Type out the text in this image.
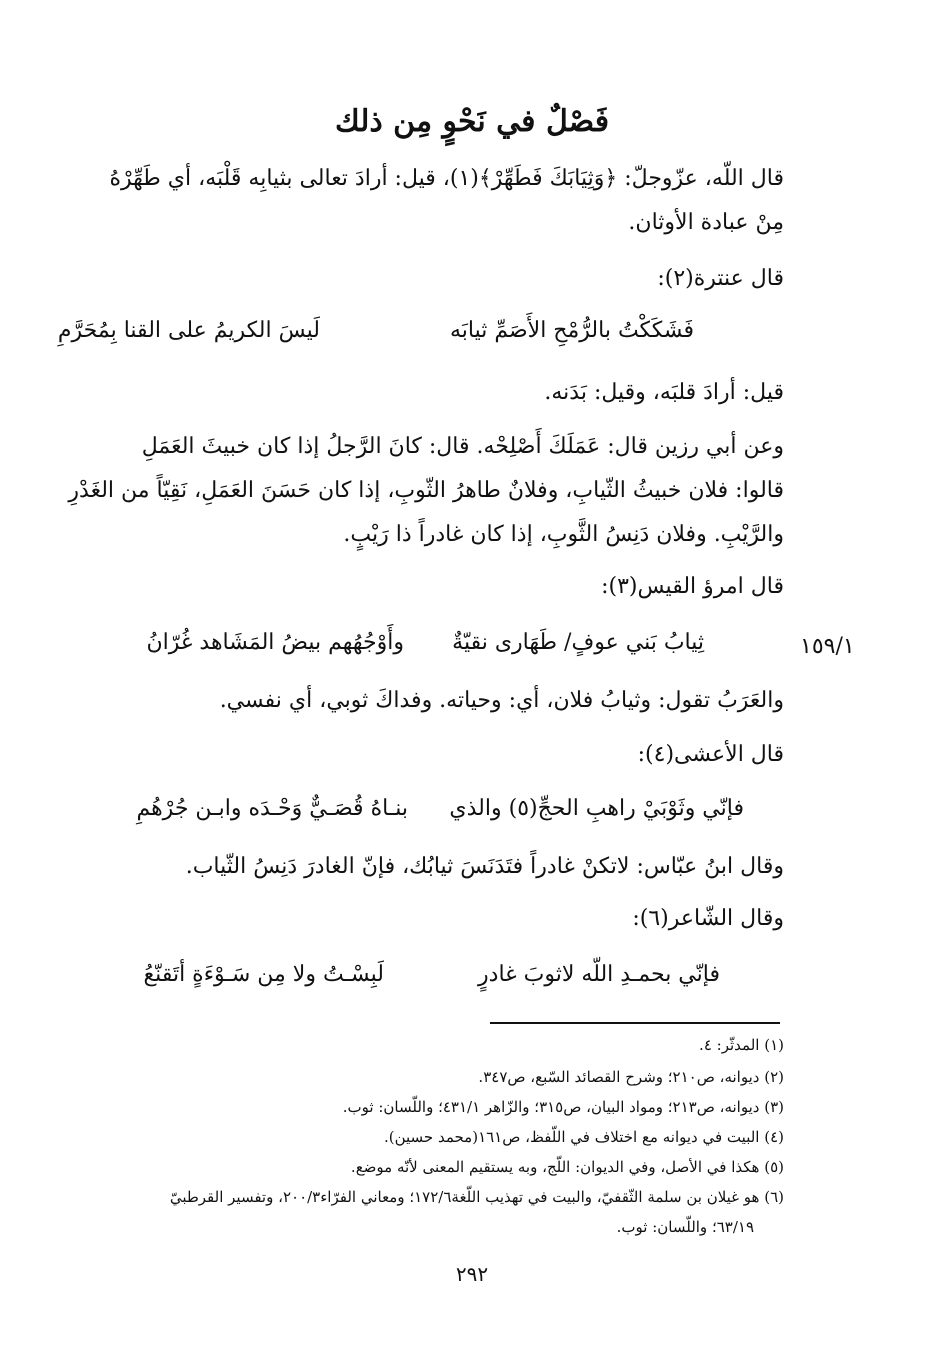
فَصْلٌ في نَحْوٍ مِن ذلك
قال اللّه، عزّوجلّ: ﴿وَثِيَابَكَ فَطَهِّرْ﴾(١)، قيل: أرادَ تعالى بثيابِه قَلْبَه، أي طَهِّرْهُ
مِنْ عبادة الأوثان.
قال عنترة(٢):
فَشَكَكْتُ بالرُّمْحِ الأَصَمِّ ثيابَه
لَيسَ الكريمُ على القنا بِمُحَرَّمِ
قيل: أرادَ قلبَه، وقيل: بَدَنه.
وعن أبي رزين قال: عَمَلَكَ أَصْلِحْه. قال: كانَ الرَّجلُ إذا كان خبيثَ العَمَلِ
قالوا: فلان خبيثُ الثّيابِ، وفلانٌ طاهرُ الثّوبِ، إذا كان حَسَنَ العَمَلِ، نَقِيّاً من الغَدْرِ
والرَّيْبِ. وفلان دَنِسُ الثَّوبِ، إذا كان غادراً ذا رَيْبٍ.
قال امرؤ القيس(٣):
١٥٩/١
ثِيابُ بَني عوفٍ/ طَهَارى نقيّةٌ
وأَوْجُهُهم بيضُ المَشَاهد غُرّانُ
والعَرَبُ تقول: وثيابُ فلان، أي: وحياته. وفداكَ ثوبي، أي نفسي.
قال الأعشى(٤):
فإنّي وثَوْبَيْ راهبِ الحجِّ(٥) والذي
بنـاهُ قُصَـيٌّ وَحْـدَه وابـن جُرْهُمِ
وقال ابنُ عبّاس: لاتكنْ غادراً فتَدَنَسَ ثيابُك، فإنّ الغادرَ دَنِسُ الثّياب.
وقال الشّاعر(٦):
فإنّي بحمـدِ اللّه لاثوبَ غادرٍ
لَبِسْـتُ ولا مِن سَـوْءَةٍ أتَقنّعُ
(١) المدثّر: ٤.
(٢) ديوانه، ص٢١٠؛ وشرح القصائد السّبع، ص٣٤٧.
(٣) ديوانه، ص٢١٣؛ ومواد البيان، ص٣١٥؛ والزّاهر ٤٣١/١؛ واللّسان: ثوب.
(٤) البيت في ديوانه مع اختلاف في اللّفظ، ص١٦١(محمد حسين).
(٥) هكذا في الأصل، وفي الديوان: اللّج، وبه يستقيم المعنى لأنّه موضع.
(٦) هو غيلان بن سلمة الثّقفيّ، والبيت في تهذيب اللّغة١٧٢/٦؛ ومعاني الفرّاء٢٠٠/٣، وتفسير القرطبيّ
٦٣/١٩؛ واللّسان: ثوب.
٢٩٢
